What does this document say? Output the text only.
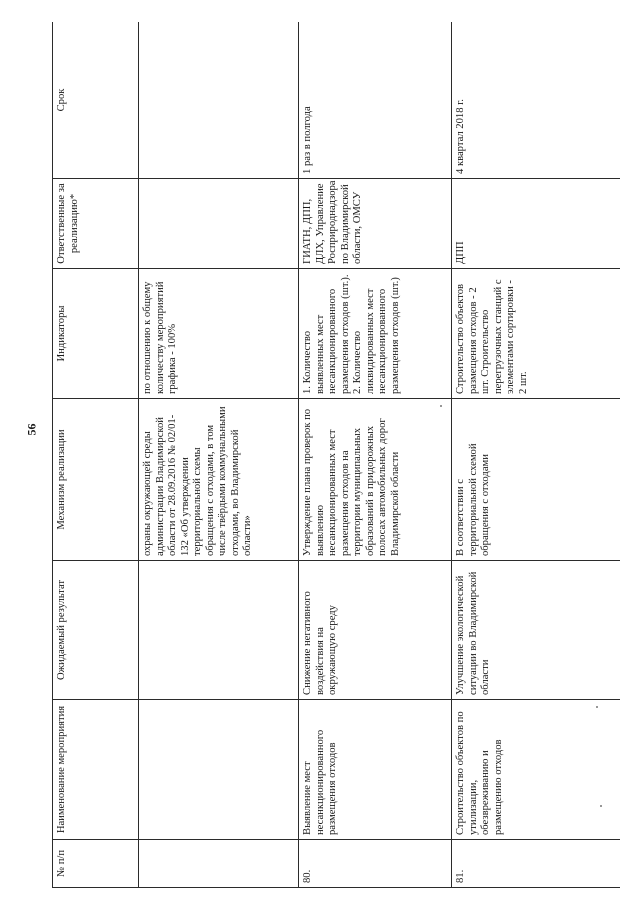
56
№ п/п	Наименование мероприятия	Ожидаемый результат	Механизм реализации	Индикаторы	Ответственные за реализацию*	Срок
			охраны окружающей среды администрации Владимирской области от 28.09.2016 № 02/01-132 «Об утверждении территориальной схемы обращения с отходами, в том числе твёрдыми коммунальными отходами, во Владимирской области»	по отношению к общему количеству мероприятий графика - 100%		
80.	Выявление мест несанкционированного размещения отходов	Снижение негативного воздействия на окружающую среду	Утверждение плана проверок по выявлению несанкционированных мест размещения отходов на территории муниципальных образований в придорожных полосах автомобильных дорог Владимирской области	1. Количество выявленных мест несанкционированного размещения отходов (шт.). 2. Количество ликвидированных мест несанкционированного размещения отходов (шт.)	ГИАТН, ДПП, ДЛХ, Управление Росприроднадзора по Владимирской области, ОМСУ	1 раз в полгода
81.	Строительство объектов по утилизации, обезвреживанию и размещению отходов	Улучшение экологической ситуации во Владимирской области	В соответствии с территориальной схемой обращения с отходами	Строительство объектов размещения отходов - 2 шт. Строительство перегрузочных станций с элементами сортировки - 2 шт.	ДПП	4 квартал 2018 г.
